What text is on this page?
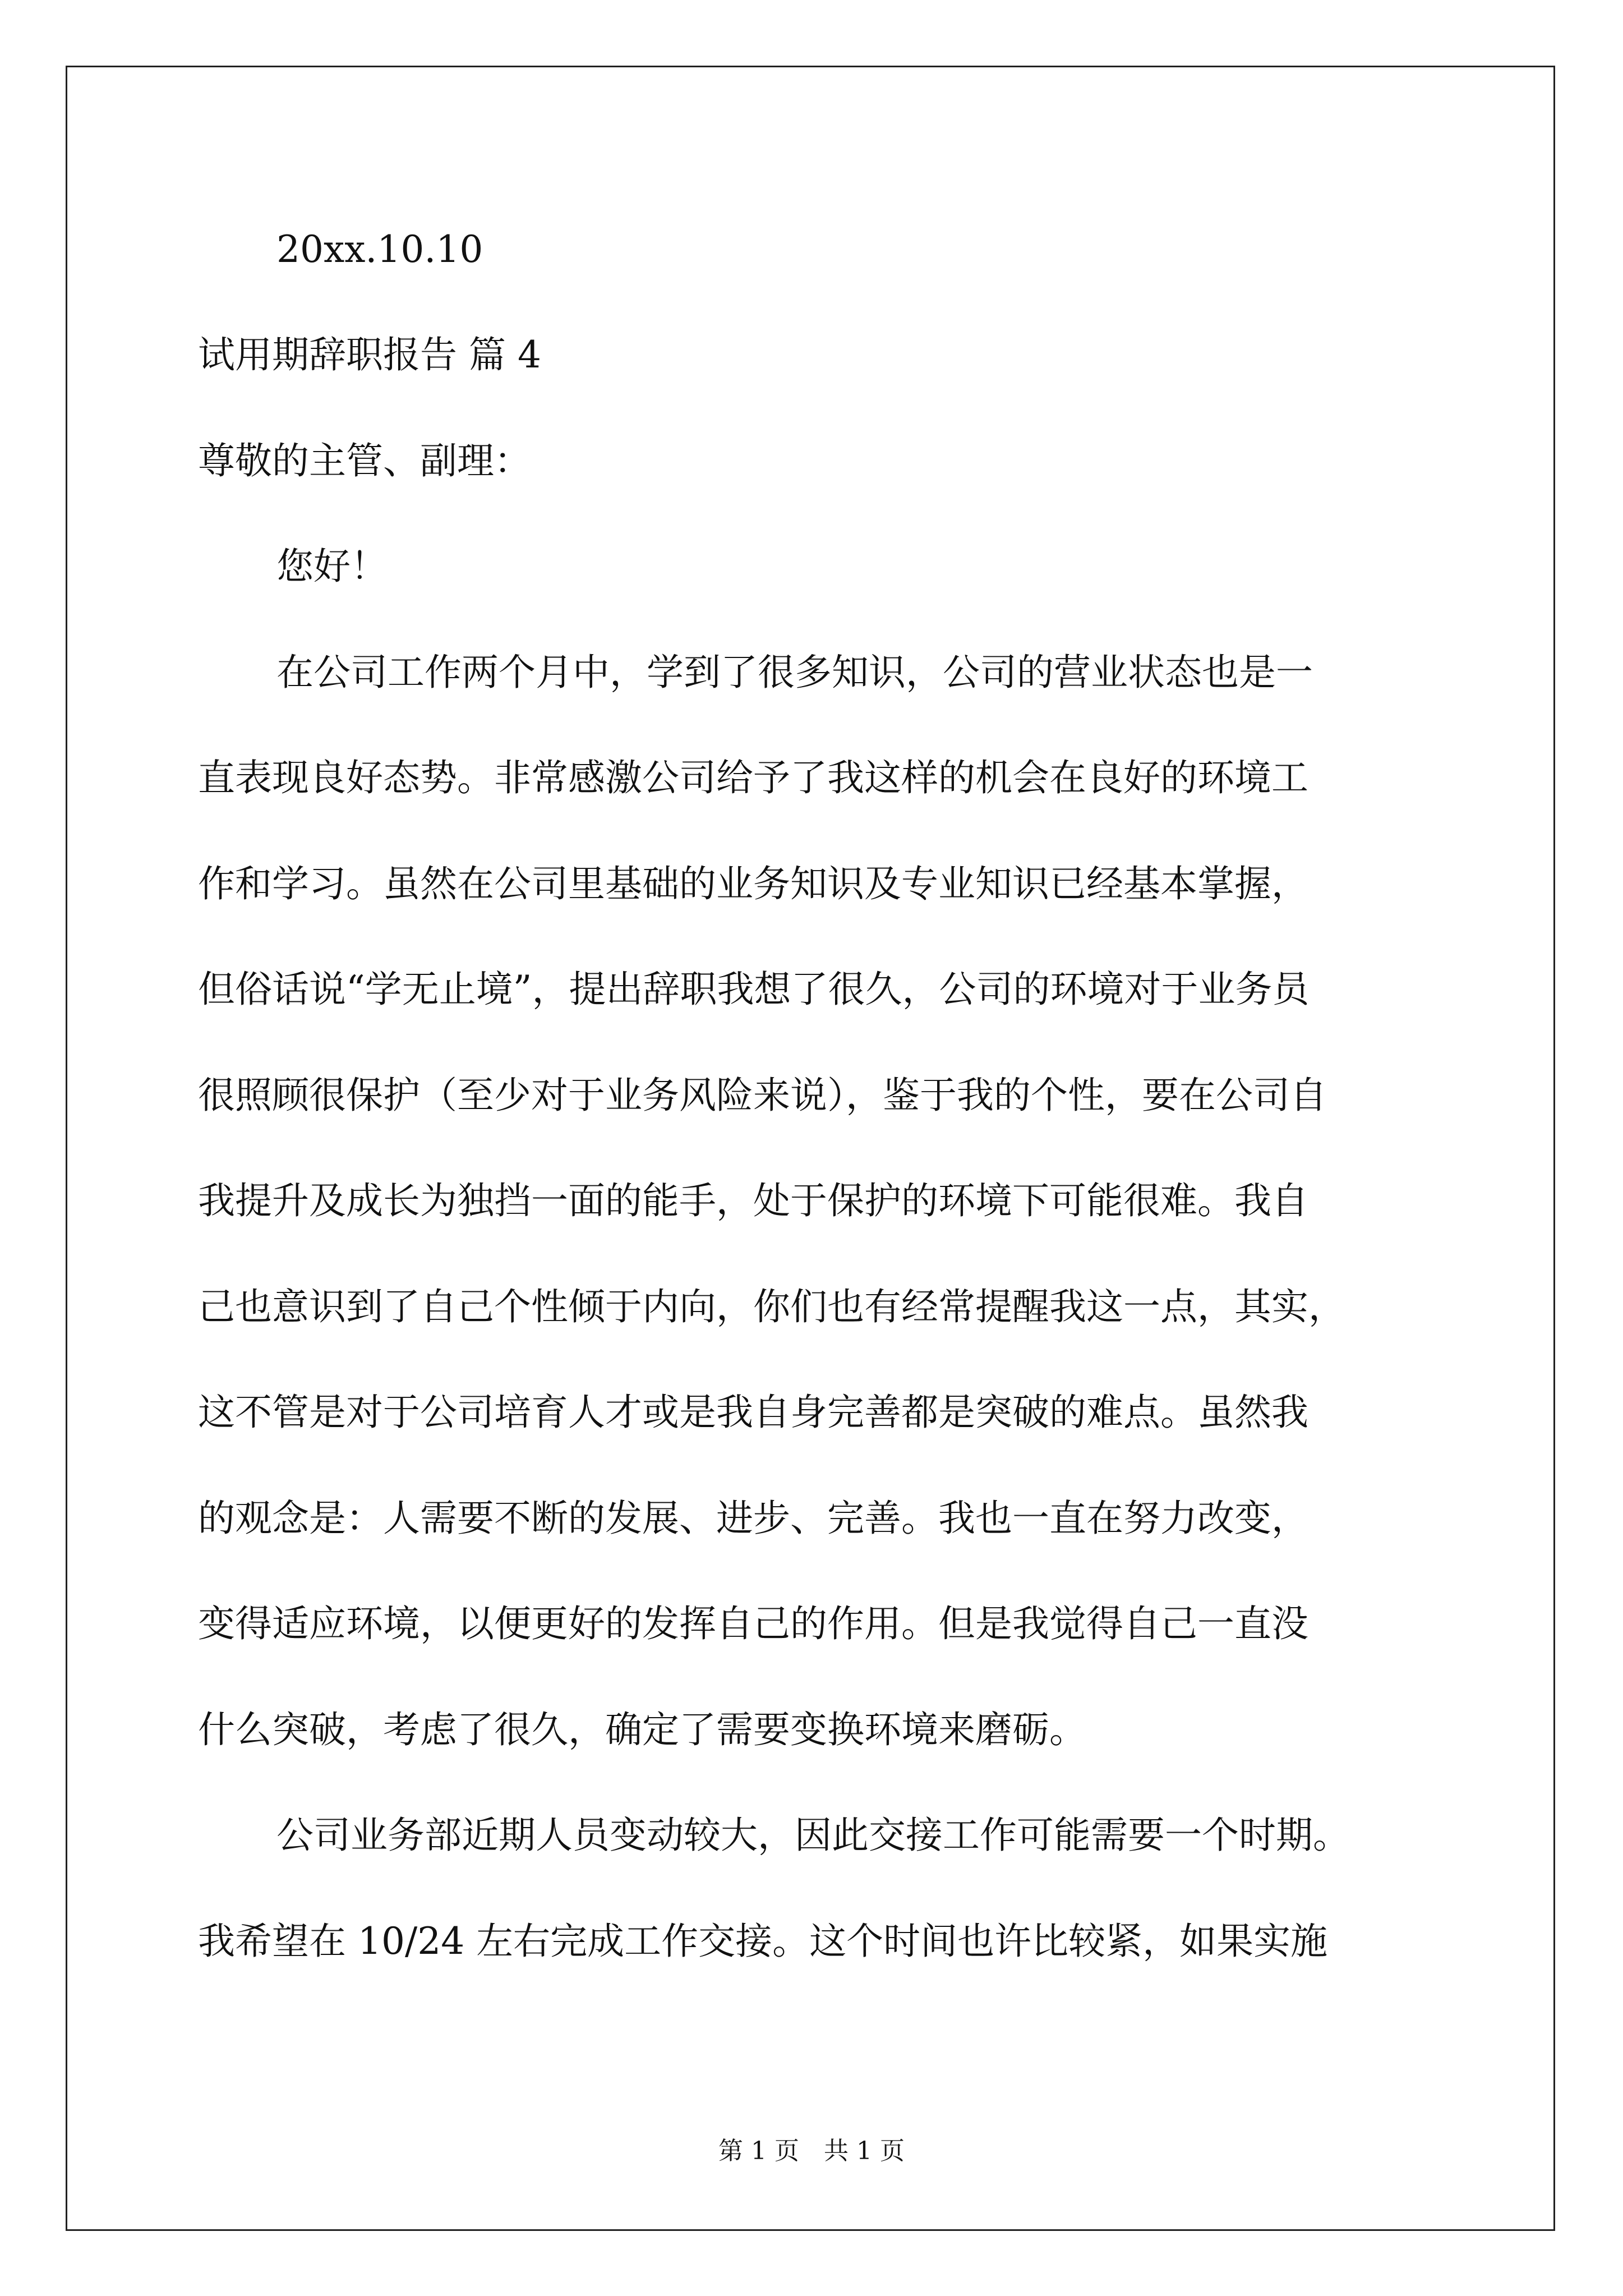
20xx.10.10
试用期辞职报告 篇 4
尊敬的主管、副理：
您好！
在公司工作两个月中，学到了很多知识，公司的营业状态也是一
直表现良好态势。非常感激公司给予了我这样的机会在良好的环境工
作和学习。虽然在公司里基础的业务知识及专业知识已经基本掌握，
但俗话说“学无止境”，提出辞职我想了很久，公司的环境对于业务员
很照顾很保护（至少对于业务风险来说），鉴于我的个性，要在公司自
我提升及成长为独挡一面的能手，处于保护的环境下可能很难。我自
己也意识到了自己个性倾于内向，你们也有经常提醒我这一点，其实，
这不管是对于公司培育人才或是我自身完善都是突破的难点。虽然我
的观念是：人需要不断的发展、进步、完善。我也一直在努力改变，
变得适应环境，以便更好的发挥自己的作用。但是我觉得自己一直没
什么突破，考虑了很久，确定了需要变换环境来磨砺。
公司业务部近期人员变动较大，因此交接工作可能需要一个时期。
我希望在 10/24 左右完成工作交接。这个时间也许比较紧，如果实施
第 1 页　共 1 页
